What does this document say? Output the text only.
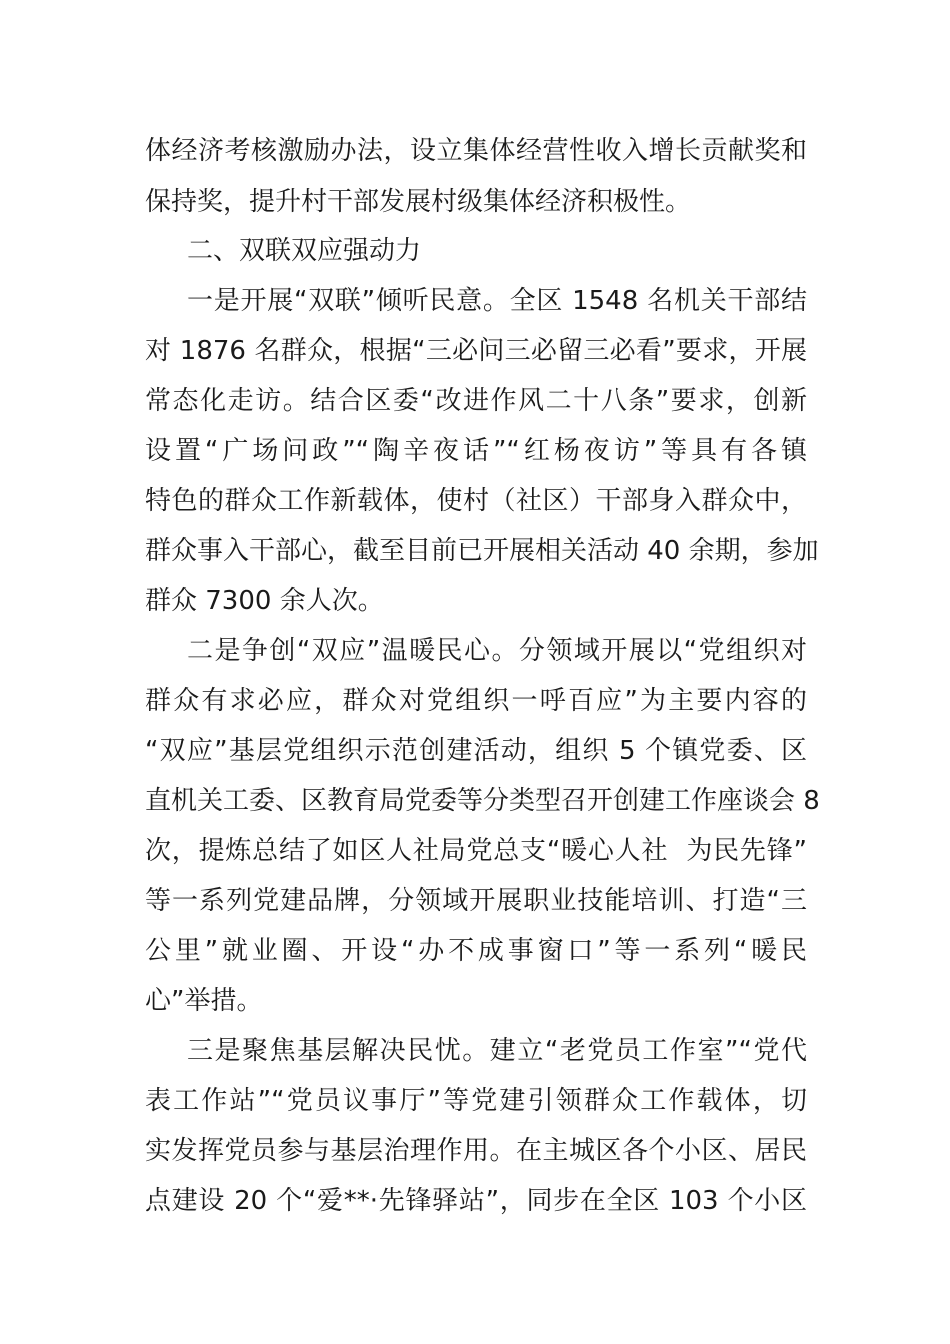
体经济考核激励办法，设立集体经营性收入增长贡献奖和
保持奖，提升村干部发展村级集体经济积极性。
二、双联双应强动力
一是开展“双联”倾听民意。全区 1548 名机关干部结
对 1876 名群众，根据“三必问三必留三必看”要求，开展
常态化走访。结合区委“改进作风二十八条”要求，创新
设置“广场问政”“陶辛夜话”“红杨夜访”等具有各镇
特色的群众工作新载体，使村（社区）干部身入群众中，
群众事入干部心，截至目前已开展相关活动 40 余期，参加
群众 7300 余人次。
二是争创“双应”温暖民心。分领域开展以“党组织对
群众有求必应，群众对党组织一呼百应”为主要内容的
“双应”基层党组织示范创建活动，组织 5 个镇党委、区
直机关工委、区教育局党委等分类型召开创建工作座谈会 8
次，提炼总结了如区人社局党总支“暖心人社  为民先锋”
等一系列党建品牌，分领域开展职业技能培训、打造“三
公里”就业圈、开设“办不成事窗口”等一系列“暖民
心”举措。
三是聚焦基层解决民忧。建立“老党员工作室”“党代
表工作站”“党员议事厅”等党建引领群众工作载体，切
实发挥党员参与基层治理作用。在主城区各个小区、居民
点建设 20 个“爱**·先锋驿站”，同步在全区 103 个小区
